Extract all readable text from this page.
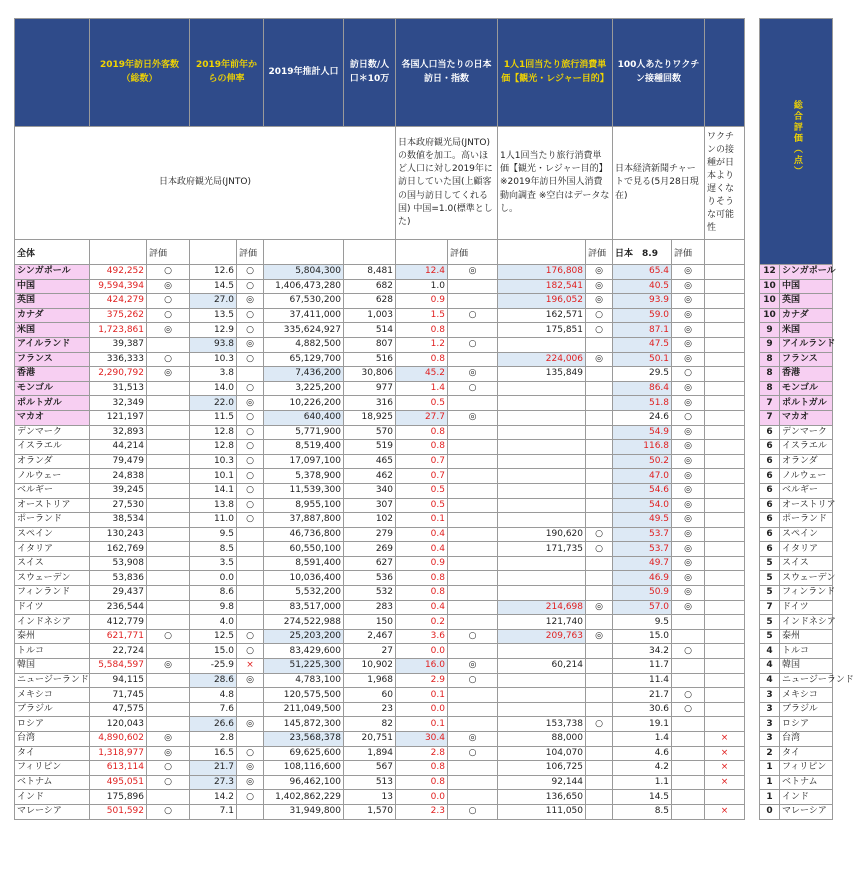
	2019年訪日外客数（総数）		2019年前年からの伸率		2019年推計人口	訪日数/人口＊10万	各国人口当たりの日本訪日・指数		1人1回当たり旅行消費単価【観光・レジャー目的】		100人あたりワクチン接種回数				総合評価（点）	
日本政府観光局(JNTO)							日本政府観光局(JNTO)の数値を加工。高いほど人口に対し2019年に訪日していた国(上顧客の国与訪日してくれる国) 中国=1.0(標準とした)		1人1回当たり旅行消費単価【観光・レジャー目的】※2019年訪日外国人消費動向調査 ※空白はデータなし。		日本経済新聞チャートで見る(5月28日現在)		ワクチンの接種が日本より遅くなりそうな可能性			
全体		評価		評価				評価		評価	日本　8.9	評価				
シンガポール	492,252	○	12.6	○	5,804,300	8,481	12.4	◎	176,808	◎	65.4	◎			12	シンガポール
中国	9,594,394	◎	14.5	○	1,406,473,280	682	1.0		182,541	◎	40.5	◎			10	中国
英国	424,279	○	27.0	◎	67,530,200	628	0.9		196,052	◎	93.9	◎			10	英国
カナダ	375,262	○	13.5	○	37,411,000	1,003	1.5	○	162,571	○	59.0	◎			10	カナダ
米国	1,723,861	◎	12.9	○	335,624,927	514	0.8		175,851	○	87.1	◎			9	米国
アイルランド	39,387		93.8	◎	4,882,500	807	1.2	○			47.5	◎			9	アイルランド
フランス	336,333	○	10.3	○	65,129,700	516	0.8		224,006	◎	50.1	◎			8	フランス
香港	2,290,792	◎	3.8		7,436,200	30,806	45.2	◎	135,849		29.5	○			8	香港
モンゴル	31,513		14.0	○	3,225,200	977	1.4	○			86.4	◎			8	モンゴル
ポルトガル	32,349		22.0	◎	10,226,200	316	0.5				51.8	◎			7	ポルトガル
マカオ	121,197		11.5	○	640,400	18,925	27.7	◎			24.6	○			7	マカオ
デンマーク	32,893		12.8	○	5,771,900	570	0.8				54.9	◎			6	デンマーク
イスラエル	44,214		12.8	○	8,519,400	519	0.8				116.8	◎			6	イスラエル
オランダ	79,479		10.3	○	17,097,100	465	0.7				50.2	◎			6	オランダ
ノルウェー	24,838		10.1	○	5,378,900	462	0.7				47.0	◎			6	ノルウェー
ベルギー	39,245		14.1	○	11,539,300	340	0.5				54.6	◎			6	ベルギー
オーストリア	27,530		13.8	○	8,955,100	307	0.5				54.0	◎			6	オーストリア
ポーランド	38,534		11.0	○	37,887,800	102	0.1				49.5	◎			6	ポーランド
スペイン	130,243		9.5		46,736,800	279	0.4		190,620	○	53.7	◎			6	スペイン
イタリア	162,769		8.5		60,550,100	269	0.4		171,735	○	53.7	◎			6	イタリア
スイス	53,908		3.5		8,591,400	627	0.9				49.7	◎			5	スイス
スウェーデン	53,836		0.0		10,036,400	536	0.8				46.9	◎			5	スウェーデン
フィンランド	29,437		8.6		5,532,200	532	0.8				50.9	◎			5	フィンランド
ドイツ	236,544		9.8		83,517,000	283	0.4		214,698	◎	57.0	◎			7	ドイツ
インドネシア	412,779		4.0		274,522,988	150	0.2		121,740		9.5				5	インドネシア
泰州	621,771	○	12.5	○	25,203,200	2,467	3.6	○	209,763	◎	15.0				5	泰州
トルコ	22,724		15.0	○	83,429,600	27	0.0				34.2	○			4	トルコ
韓国	5,584,597	◎	-25.9	×	51,225,300	10,902	16.0	◎	60,214		11.7				4	韓国
ニュージーランド	94,115		28.6	◎	4,783,100	1,968	2.9	○			11.4				4	ニュージーランド
メキシコ	71,745		4.8		120,575,500	60	0.1				21.7	○			3	メキシコ
ブラジル	47,575		7.6		211,049,500	23	0.0				30.6	○			3	ブラジル
ロシア	120,043		26.6	◎	145,872,300	82	0.1		153,738	○	19.1				3	ロシア
台湾	4,890,602	◎	2.8		23,568,378	20,751	30.4	◎	88,000		1.4		×		3	台湾
タイ	1,318,977	◎	16.5	○	69,625,600	1,894	2.8	○	104,070		4.6		×		2	タイ
フィリピン	613,114	○	21.7	◎	108,116,600	567	0.8		106,725		4.2		×		1	フィリピン
ベトナム	495,051	○	27.3	◎	96,462,100	513	0.8		92,144		1.1		×		1	ベトナム
インド	175,896		14.2	○	1,402,862,229	13	0.0		136,650		14.5				1	インド
マレーシア	501,592	○	7.1		31,949,800	1,570	2.3	○	111,050		8.5		×		0	マレーシア
